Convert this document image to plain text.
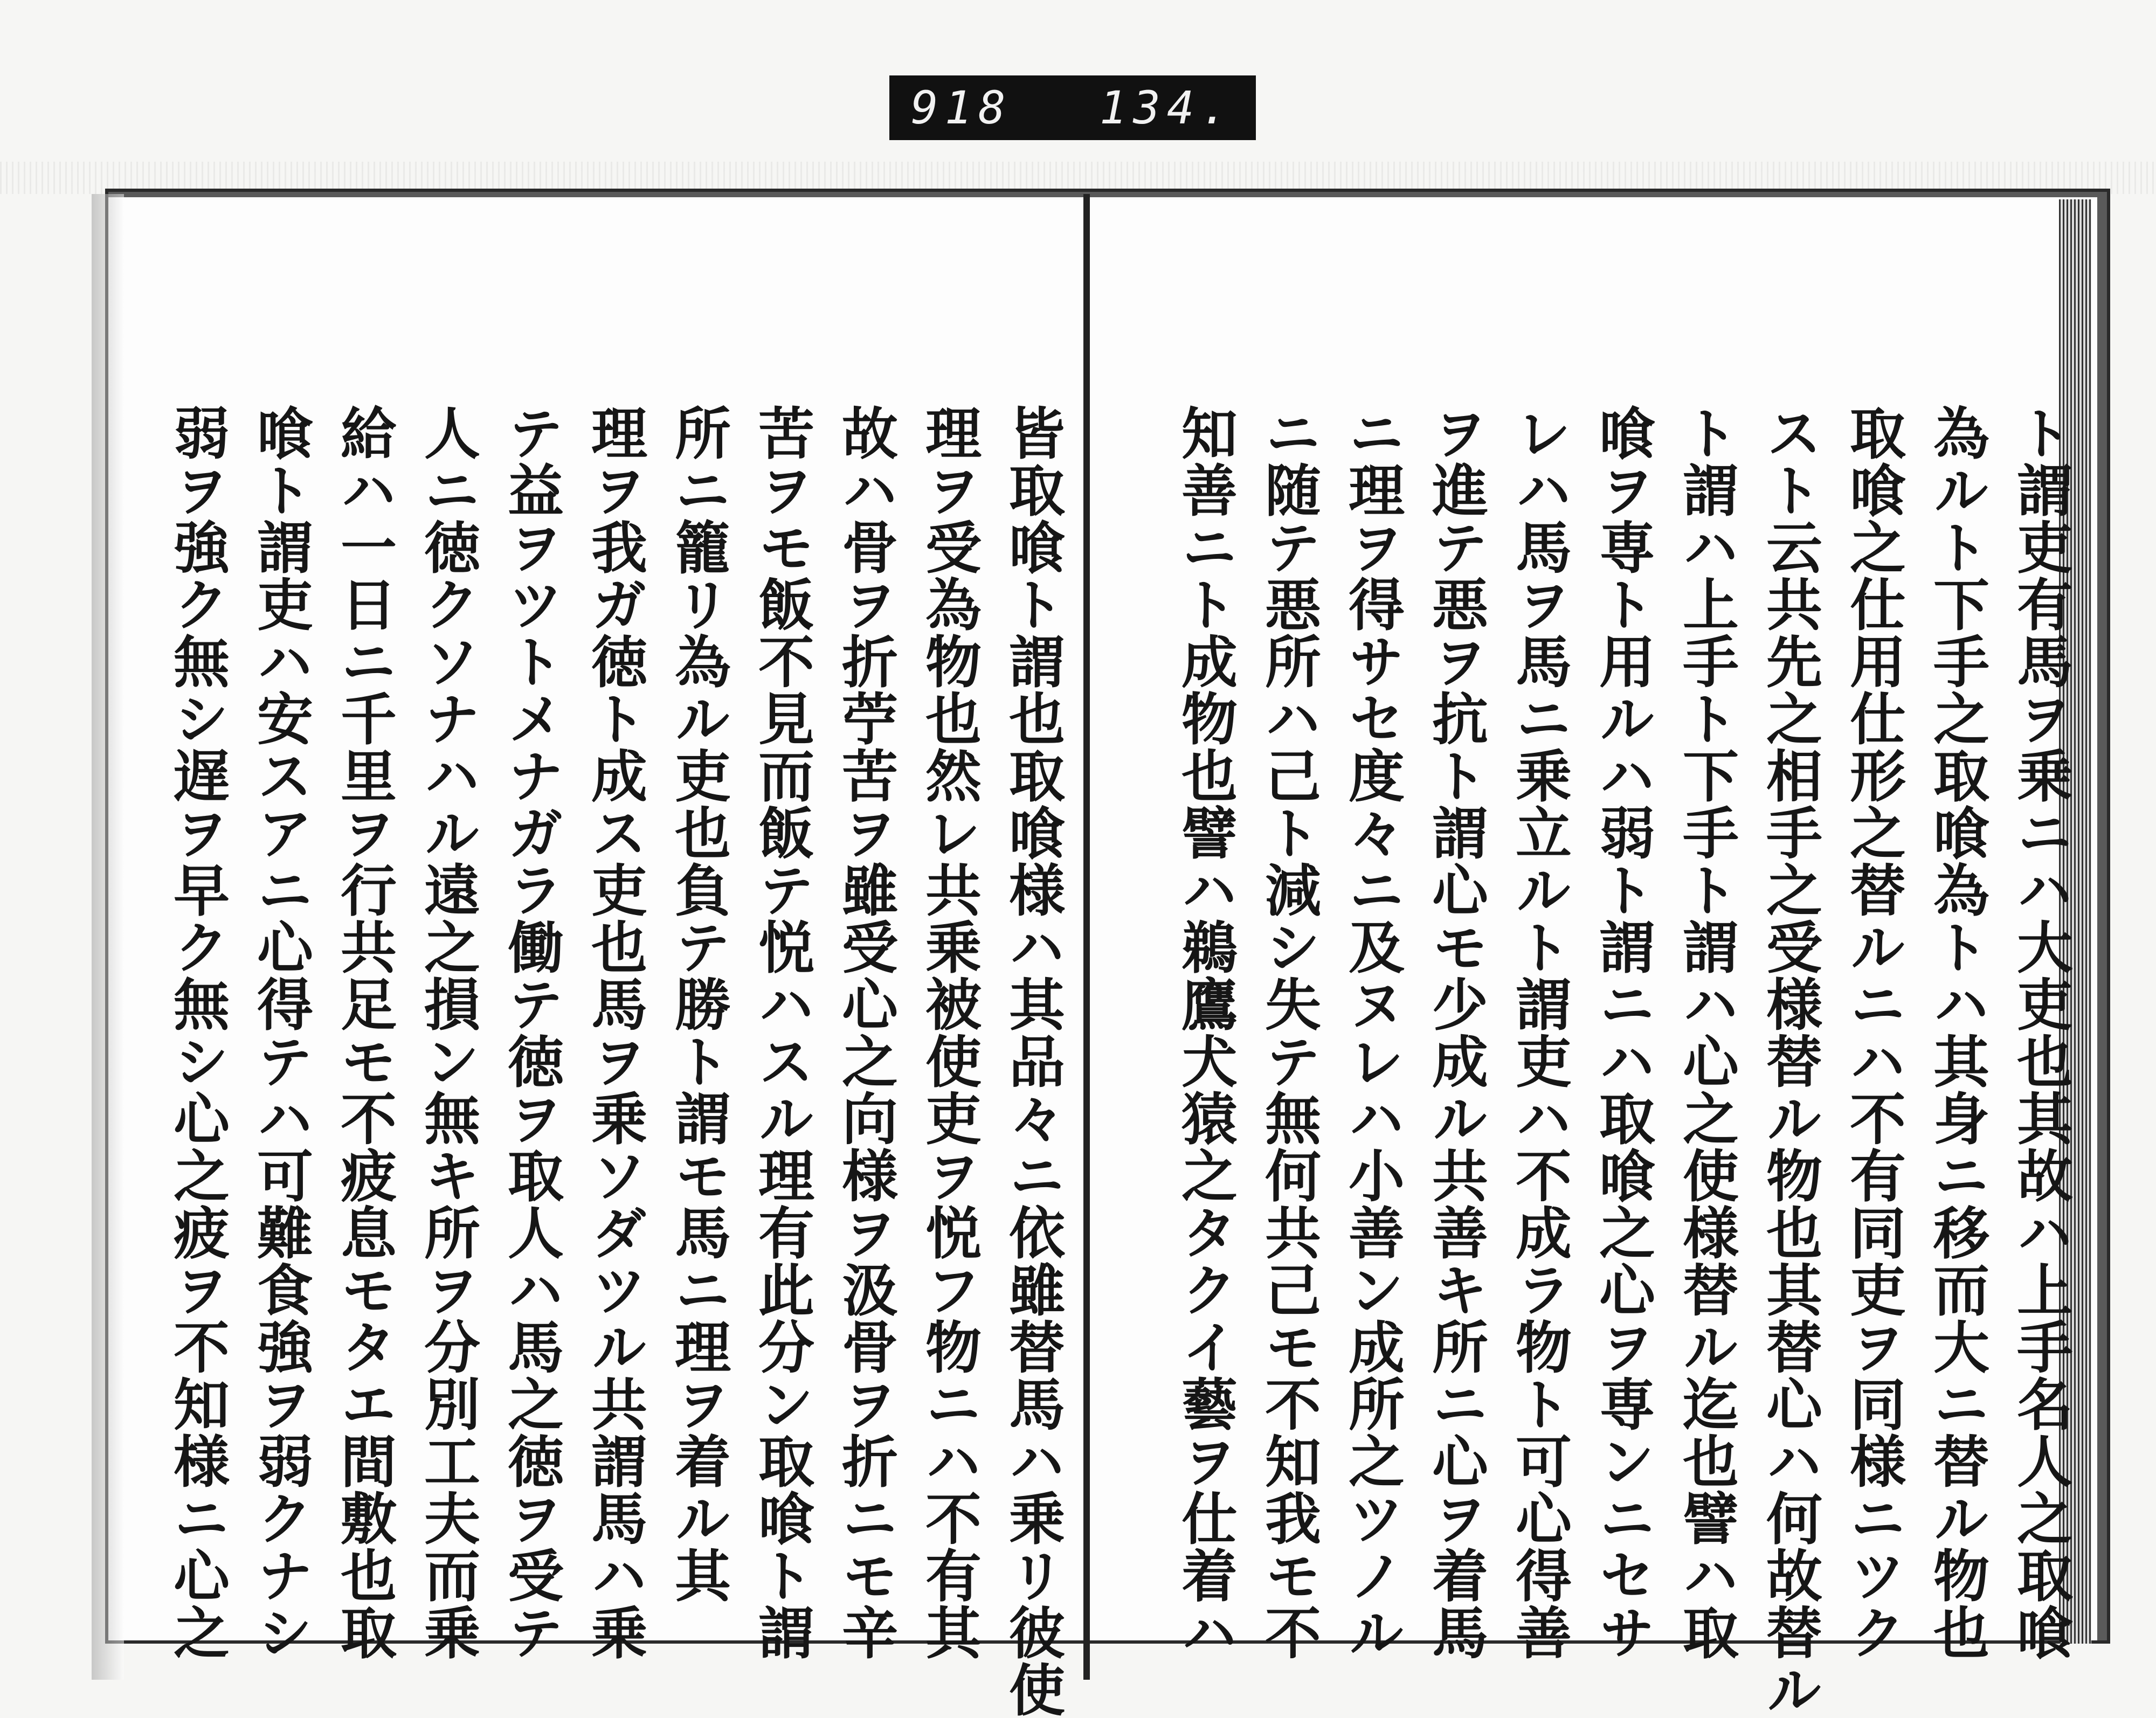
918 134.
ト謂吏有馬ヲ乗ニハ大吏也其故ハ上手名人之取喰
為ルト下手之取喰為トハ其身ニ移而大ニ替ル物也
取喰之仕用仕形之替ルニハ不有同吏ヲ同様ニツク
スト云共先之相手之受様替ル物也其替心ハ何故替ル
ト謂ハ上手ト下手ト謂ハ心之使様替ル迄也譬ハ取
喰ヲ専ト用ルハ弱ト謂ニハ取喰之心ヲ専ンニセサ
レハ馬ヲ馬ニ乗立ルト謂吏ハ不成ラ物ト可心得善
ヲ進テ悪ヲ抗ト謂心モ少成ル共善キ所ニ心ヲ着馬
ニ理ヲ得サセ度々ニ及ヌレハ小善ン成所之ツノル
ニ随テ悪所ハ己ト減シ失テ無何共己モ不知我モ不
知善ニト成物也譬ハ鵜鷹犬猿之タクイ藝ヲ仕着ハ
皆取喰ト謂也取喰様ハ其品々ニ依雖替馬ハ乗リ彼使
理ヲ受為物也然レ共乗被使吏ヲ悦フ物ニハ不有其
故ハ骨ヲ折苧苦ヲ雖受心之向様ヲ汲骨ヲ折ニモ辛
苦ヲモ飯不見而飯テ悦ハスル理有此分ン取喰ト謂
所ニ籠リ為ル吏也負テ勝ト謂モ馬ニ理ヲ着ル其
理ヲ我ガ徳ト成ス吏也馬ヲ乗ソダツル共謂馬ハ乗
テ益ヲツトメナガラ働テ徳ヲ取人ハ馬之徳ヲ受テ
人ニ徳クソナハル遠之損ン無キ所ヲ分別工夫而乗
給ハ一日ニ千里ヲ行共足モ不疲息モタエ間敷也取
喰ト謂吏ハ安スアニ心得テハ可難食強ヲ弱クナシ
弱ヲ強ク無シ遅ヲ早ク無シ心之疲ヲ不知様ニ心之
